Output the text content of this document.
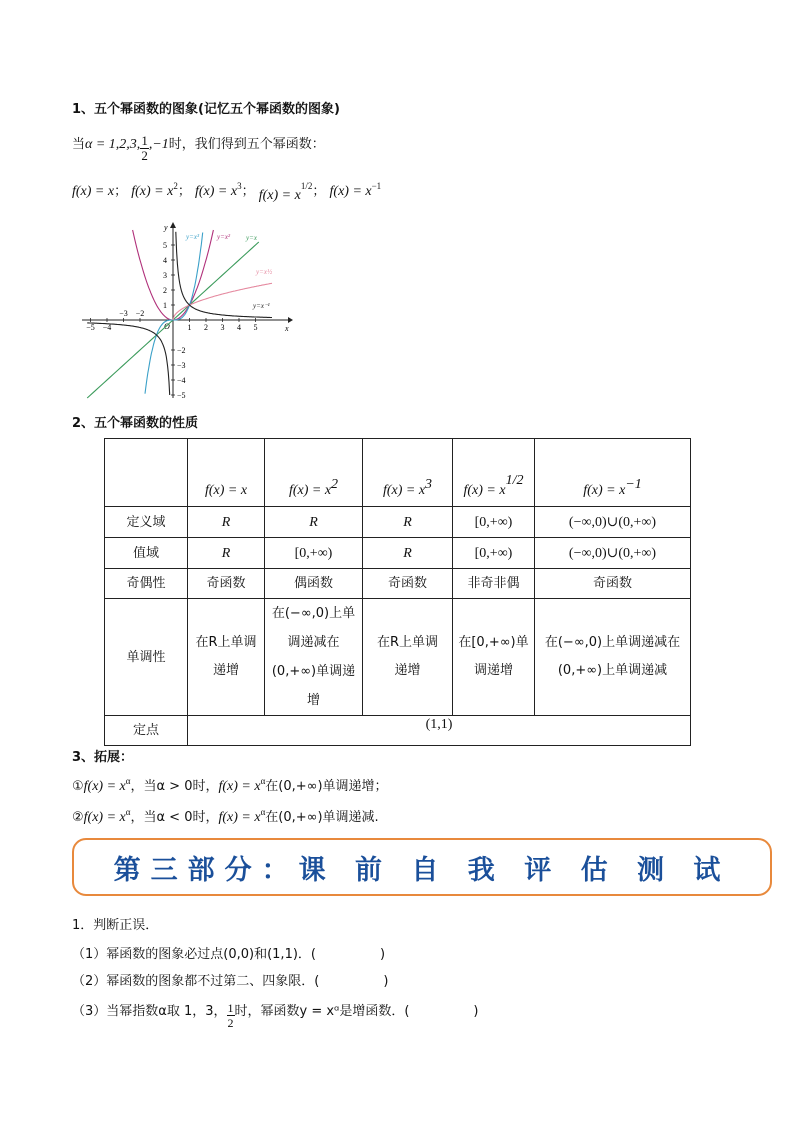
1、五个幂函数的图象(记忆五个幂函数的图象)
当α = 1,2,3, $\frac{1}{2} ,-1$时，我们得到五个幂函数：
f(x) = x； $f(x) = x^2$； $f(x) = x^3$； $f(x) = x^{1/2}$； $f(x) = x^{-1}$
−5 −4
−3 −2
1 2 3 4 5
5
4
3
2
1
−2
−3
−4
−5
O	x
y
y=x³	y=x² y=x
y=x½
y=x⁻¹
2、五个幂函数的性质
	f(x) = x	f(x) = x2	f(x) = x3	f(x) = x1/2	f(x) = x−1
定义域	R	R	R	[0,+∞)	(−∞,0)∪(0,+∞)
值域	R	[0,+∞)	R	[0,+∞)	(−∞,0)∪(0,+∞)
奇偶性	奇函数	偶函数	奇函数	非奇非偶	奇函数
单调性	在R上单调递增	在(−∞,0)上单调递减在(0,+∞)单调递增	在R上单调递增	在[0,+∞)单调递增	在(−∞,0)上单调递减在(0,+∞)上单调递减
定点	(1,1)				
3、拓展：
①f(x) = $x^\alpha$，当α > 0时，$f(x) = x^\alpha$在(0,+∞)单调递增；
②f(x) = $x^\alpha$，当α < 0时，$f(x) = x^\alpha$在(0,+∞)单调递减.
第三部分：课 前 自 我 评 估 测 试
1．判断正误．
（1）幂函数的图象必过点(0,0)和(1,1)．(	)
（2）幂函数的图象都不过第二、四象限．(	)
（3）当幂指数α取 1，3， $\frac{1}{2}$ 时，幂函数y = xᵅ是增函数．(	)
